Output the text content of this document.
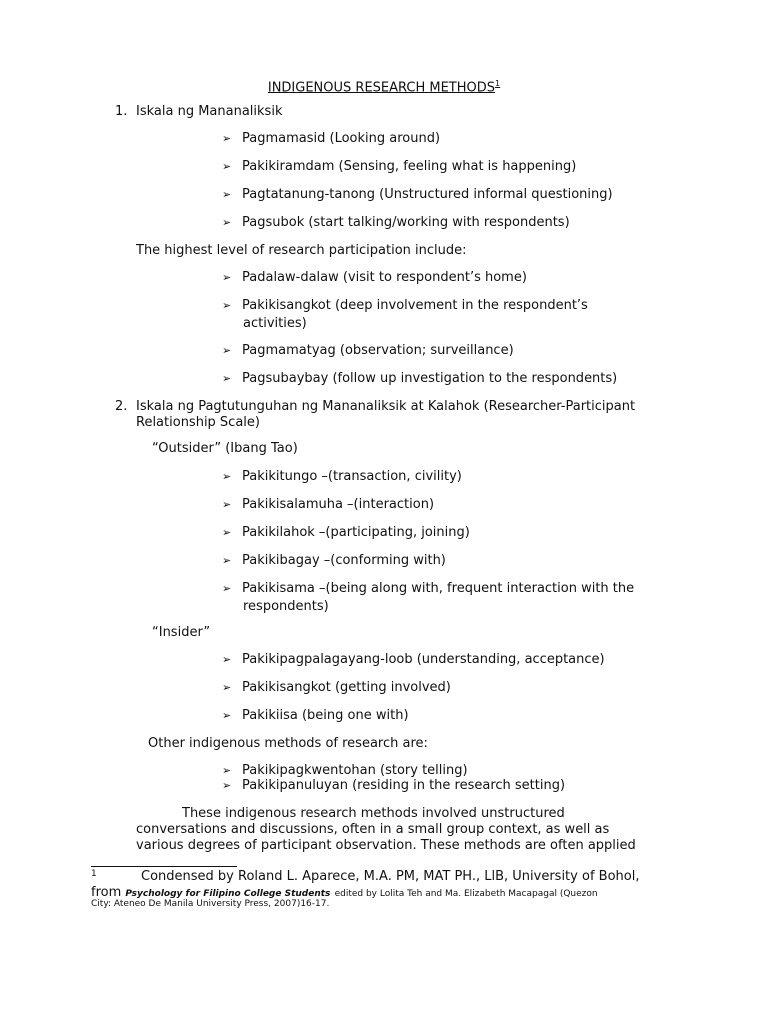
INDIGENOUS RESEARCH METHODS$^1$
1. Iskala ng Mananaliksik
➢ Pagmamasid (Looking around)
➢ Pakikiramdam (Sensing, feeling what is happening)
➢ Pagtatanung-tanong (Unstructured informal questioning)
➢ Pagsubok (start talking/working with respondents)
The highest level of research participation include:
➢ Padalaw-dalaw (visit to respondent’s home)
➢ Pakikisangkot (deep involvement in the respondent’s
activities)
➢ Pagmamatyag (observation; surveillance)
➢ Pagsubaybay (follow up investigation to the respondents)
2. Iskala ng Pagtutunguhan ng Mananaliksik at Kalahok (Researcher-Participant
Relationship Scale)
“Outsider” (Ibang Tao)
➢ Pakikitungo –(transaction, civility)
➢ Pakikisalamuha –(interaction)
➢ Pakikilahok –(participating, joining)
➢ Pakikibagay –(conforming with)
➢ Pakikisama –(being along with, frequent interaction with the
respondents)
“Insider”
➢ Pakikipagpalagayang-loob (understanding, acceptance)
➢ Pakikisangkot (getting involved)
➢ Pakikiisa (being one with)
Other indigenous methods of research are:
➢ Pakikipagkwentohan (story telling)
➢ Pakikipanuluyan (residing in the research setting)
These indigenous research methods involved unstructured
conversations and discussions, often in a small group context, as well as
various degrees of participant observation. These methods are often applied
1	Condensed by Roland L. Aparece, M.A. PM, MAT PH., LlB, University of Bohol,
from Psychology for Filipino College Students edited by Lolita Teh and Ma. Elizabeth Macapagal (Quezon
City: Ateneo De Manila University Press, 2007)16-17.
